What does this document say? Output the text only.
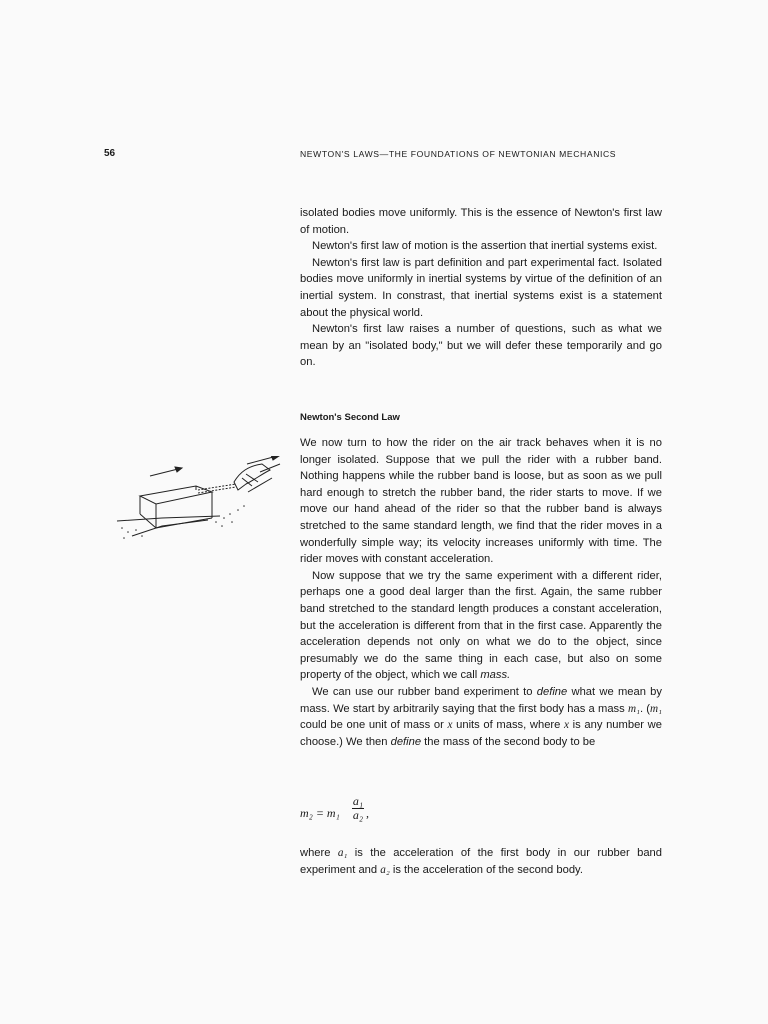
56	NEWTON'S LAWS—THE FOUNDATIONS OF NEWTONIAN MECHANICS

isolated bodies move uniformly. This is the essence of Newton's first law of motion.

Newton's first law of motion is the assertion that inertial systems exist.

Newton's first law is part definition and part experimental fact. Isolated bodies move uniformly in inertial systems by virtue of the definition of an inertial system. In constrast, that inertial systems exist is a statement about the physical world.

Newton's first law raises a number of questions, such as what we mean by an "isolated body," but we will defer these temporarily and go on.

Newton's Second Law

We now turn to how the rider on the air track behaves when it is no longer isolated. Suppose that we pull the rider with a rubber band. Nothing happens while the rubber band is loose, but as soon as we pull hard enough to stretch the rubber band, the rider starts to move. If we move our hand ahead of the rider so that the rubber band is always stretched to the same standard length, we find that the rider moves in a wonderfully simple way; its velocity increases uniformly with time. The rider moves with constant acceleration.

Now suppose that we try the same experiment with a different rider, perhaps one a good deal larger than the first. Again, the same rubber band stretched to the standard length produces a constant acceleration, but the acceleration is different from that in the first case. Apparently the acceleration depends not only on what we do to the object, since presumably we do the same thing in each case, but also on some property of the object, which we call mass.

We can use our rubber band experiment to define what we mean by mass. We start by arbitrarily saying that the first body has a mass m₁. (m₁ could be one unit of mass or x units of mass, where x is any number we choose.) We then define the mass of the second body to be

m₂ = m₁
a₁
a₂ ,

where a₁ is the acceleration of the first body in our rubber band experiment and a₂ is the acceleration of the second body.
